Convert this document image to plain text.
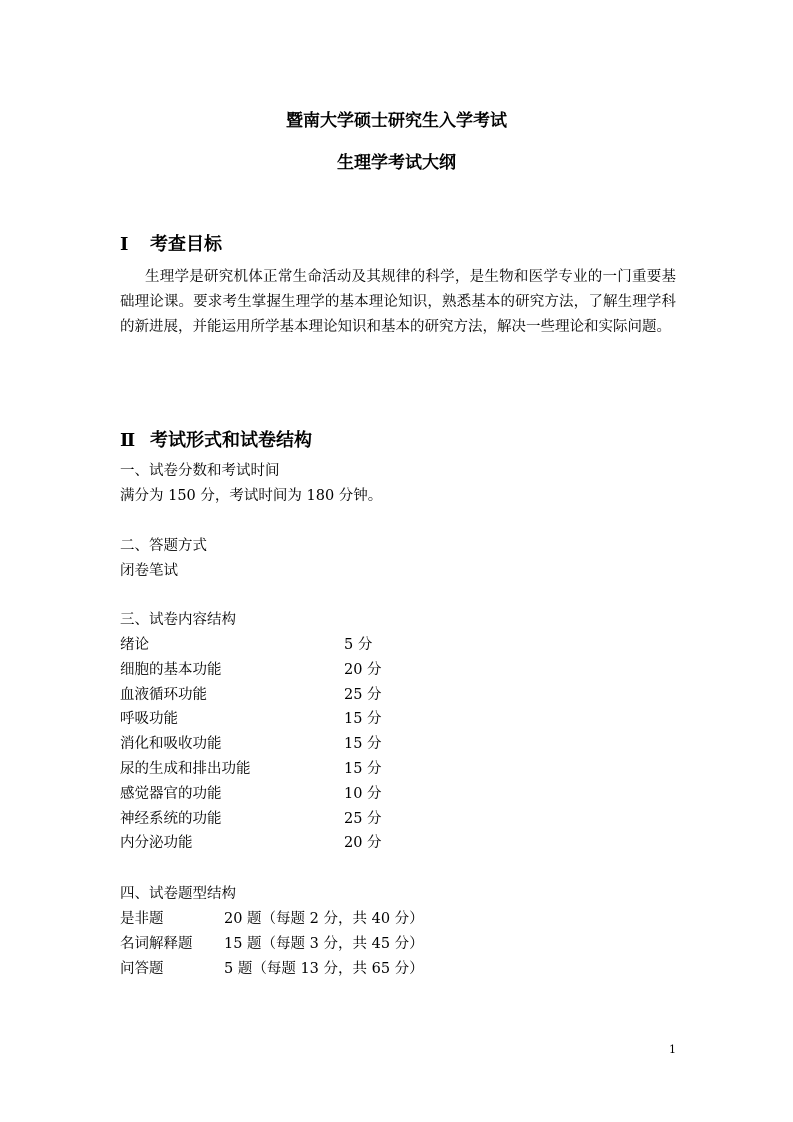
暨南大学硕士研究生入学考试
生理学考试大纲
Ⅰ 考查目标
生理学是研究机体正常生命活动及其规律的科学，是生物和医学专业的一门重要基础理论课。要求考生掌握生理学的基本理论知识，熟悉基本的研究方法，了解生理学科的新进展，并能运用所学基本理论知识和基本的研究方法，解决一些理论和实际问题。
Ⅱ 考试形式和试卷结构
一、试卷分数和考试时间
满分为 150 分，考试时间为 180 分钟。
二、答题方式
闭卷笔试
三、试卷内容结构
绪论	5 分
细胞的基本功能	20 分
血液循环功能	25 分
呼吸功能	15 分
消化和吸收功能	15 分
尿的生成和排出功能	15 分
感觉器官的功能	10 分
神经系统的功能	25 分
内分泌功能	20 分
四、试卷题型结构
是非题	20 题（每题 2 分，共 40 分）
名词解释题 15 题（每题 3 分，共 45 分）
问答题	5 题（每题 13 分，共 65 分）
1
